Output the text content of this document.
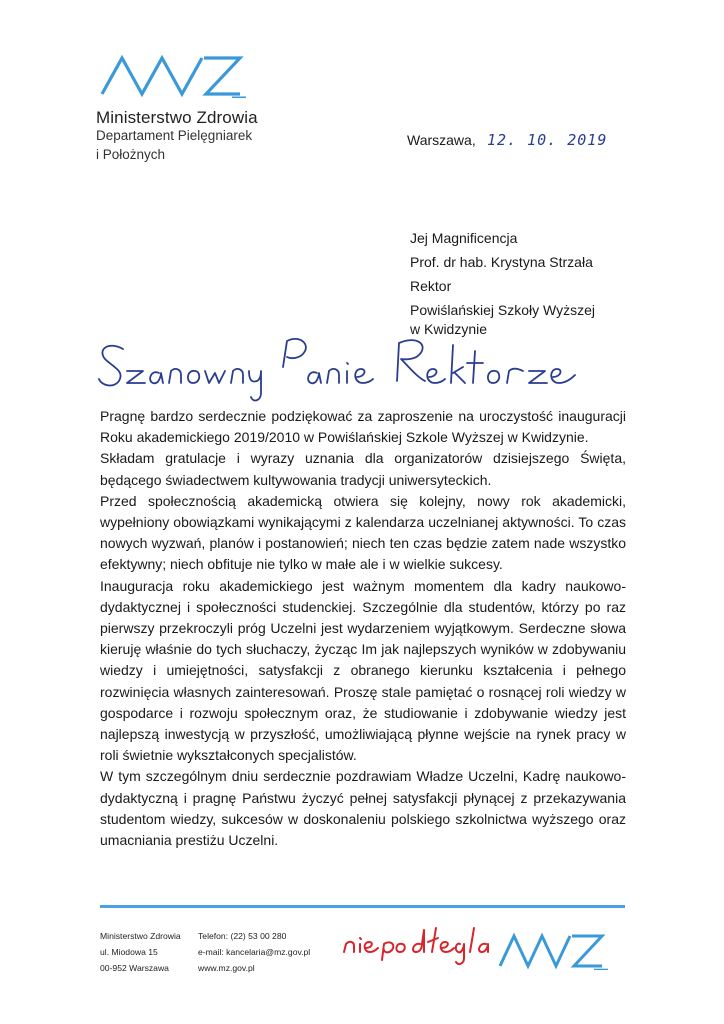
Ministerstwo Zdrowia
Departament Pielęgniarek
i Położnych
Warszawa, 12. 10. 2019
Jej Magnificencja
Prof. dr hab. Krystyna Strzała
Rektor
Powiślańskiej Szkoły Wyższej
w Kwidzynie

Pragnę bardzo serdecznie podziękować za zaproszenie na uroczystość inauguracji Roku akademickiego 2019/2010 w Powiślańskiej Szkole Wyższej w Kwidzynie.

Składam gratulacje i wyrazy uznania dla organizatorów dzisiejszego Święta, będącego świadectwem kultywowania tradycji uniwersyteckich.

Przed społecznością akademicką otwiera się kolejny, nowy rok akademicki, wypełniony obowiązkami wynikającymi z kalendarza uczelnianej aktywności. To czas nowych wyzwań, planów i postanowień; niech ten czas będzie zatem nade wszystko efektywny; niech obfituje nie tylko w małe ale i w wielkie sukcesy.

Inauguracja roku akademickiego jest ważnym momentem dla kadry naukowo-dydaktycznej i społeczności studenckiej. Szczególnie dla studentów, którzy po raz pierwszy przekroczyli próg Uczelni jest wydarzeniem wyjątkowym. Serdeczne słowa kieruję właśnie do tych słuchaczy, życząc Im jak najlepszych wyników w zdobywaniu wiedzy i umiejętności, satysfakcji z obranego kierunku kształcenia i pełnego rozwinięcia własnych zainteresowań. Proszę stale pamiętać o rosnącej roli wiedzy w gospodarce i rozwoju społecznym oraz, że studiowanie i zdobywanie wiedzy jest najlepszą inwestycją w przyszłość, umożliwiającą płynne wejście na rynek pracy w roli świetnie wykształconych specjalistów.

W tym szczególnym dniu serdecznie pozdrawiam Władze Uczelni, Kadrę naukowo-dydaktyczną i pragnę Państwu życzyć pełnej satysfakcji płynącej z przekazywania studentom wiedzy, sukcesów w doskonaleniu polskiego szkolnictwa wyższego oraz umacniania prestiżu Uczelni.

Ministerstwo Zdrowia
ul. Miodowa 15
00-952 Warszawa
Telefon: (22) 53 00 280
e-mail: kancelaria@mz.gov.pl
www.mz.gov.pl
